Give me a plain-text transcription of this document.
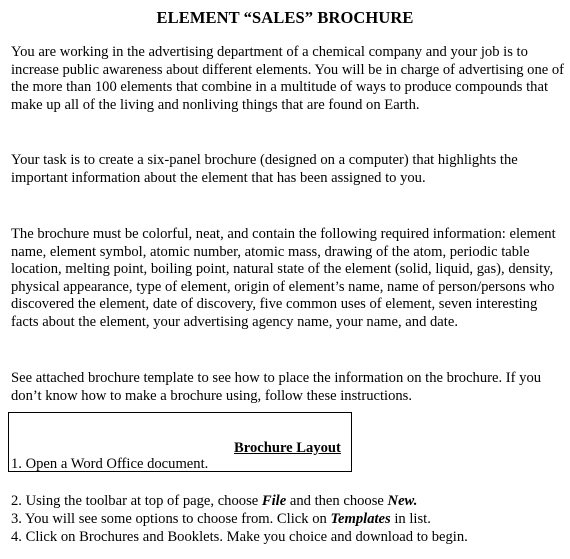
ELEMENT “SALES” BROCHURE

You are working in the advertising department of a chemical company and your job is to increase public awareness about different elements. You will be in charge of advertising one of the more than 100 elements that combine in a multitude of ways to produce compounds that make up all of the living and nonliving things that are found on Earth.

Your task is to create a six-panel brochure (designed on a computer) that highlights the important information about the element that has been assigned to you.

The brochure must be colorful, neat, and contain the following required information: element name, element symbol, atomic number, atomic mass, drawing of the atom, periodic table location, melting point, boiling point, natural state of the element (solid, liquid, gas), density, physical appearance, type of element, origin of element’s name, name of person/persons who discovered the element, date of discovery, five common uses of element, seven interesting facts about the element, your advertising agency name, your name, and date.

See attached brochure template to see how to place the information on the brochure. If you don’t know how to make a brochure using, follow these instructions.

Brochure Layout
1. Open a Word Office document.
2. Using the toolbar at top of page, choose File and then choose New.
3. You will see some options to choose from. Click on Templates in list.
4. Click on Brochures and Booklets. Make you choice and download to begin.
